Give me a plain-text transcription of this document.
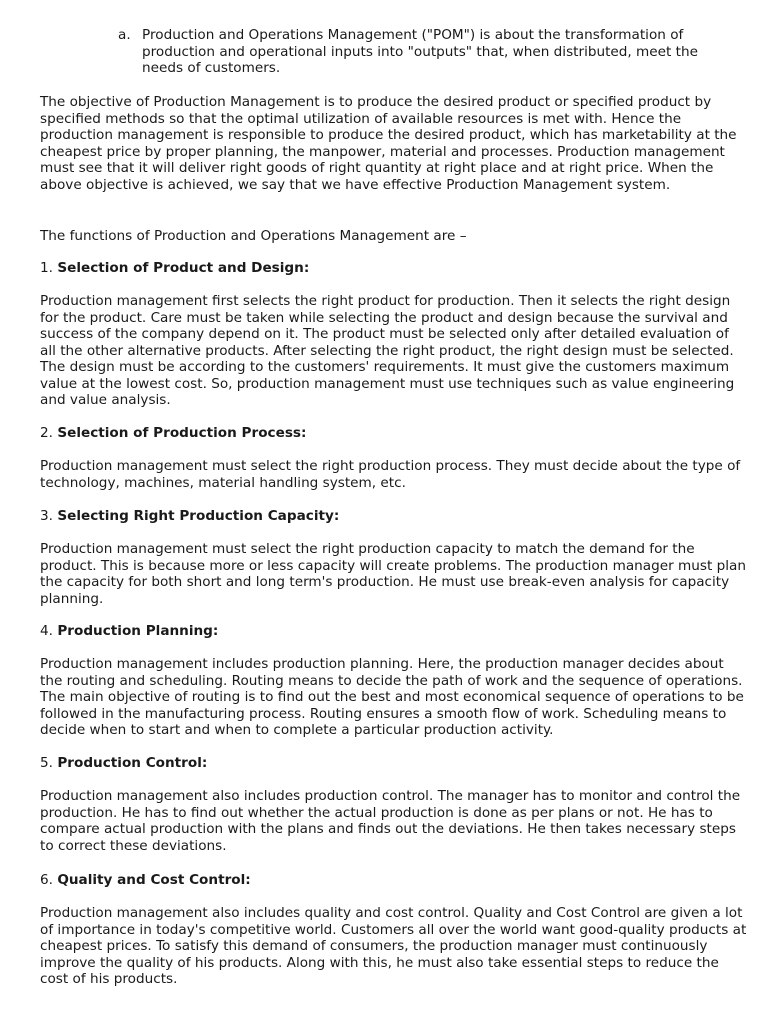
a. Production and Operations Management ("POM") is about the transformation of production and operational inputs into "outputs" that, when distributed, meet the needs of customers.

The objective of Production Management is to produce the desired product or specified product by specified methods so that the optimal utilization of available resources is met with. Hence the production management is responsible to produce the desired product, which has marketability at the cheapest price by proper planning, the manpower, material and processes. Production management must see that it will deliver right goods of right quantity at right place and at right price. When the above objective is achieved, we say that we have effective Production Management system.

The functions of Production and Operations Management are –

1. Selection of Product and Design:

Production management first selects the right product for production. Then it selects the right design for the product. Care must be taken while selecting the product and design because the survival and success of the company depend on it. The product must be selected only after detailed evaluation of all the other alternative products. After selecting the right product, the right design must be selected. The design must be according to the customers' requirements. It must give the customers maximum value at the lowest cost. So, production management must use techniques such as value engineering and value analysis.

2. Selection of Production Process:

Production management must select the right production process. They must decide about the type of technology, machines, material handling system, etc.

3. Selecting Right Production Capacity:

Production management must select the right production capacity to match the demand for the product. This is because more or less capacity will create problems. The production manager must plan the capacity for both short and long term's production. He must use break-even analysis for capacity planning.

4. Production Planning:

Production management includes production planning. Here, the production manager decides about the routing and scheduling. Routing means to decide the path of work and the sequence of operations. The main objective of routing is to find out the best and most economical sequence of operations to be followed in the manufacturing process. Routing ensures a smooth flow of work. Scheduling means to decide when to start and when to complete a particular production activity.

5. Production Control:

Production management also includes production control. The manager has to monitor and control the production. He has to find out whether the actual production is done as per plans or not. He has to compare actual production with the plans and finds out the deviations. He then takes necessary steps to correct these deviations.

6. Quality and Cost Control:

Production management also includes quality and cost control. Quality and Cost Control are given a lot of importance in today's competitive world. Customers all over the world want good-quality products at cheapest prices. To satisfy this demand of consumers, the production manager must continuously improve the quality of his products. Along with this, he must also take essential steps to reduce the cost of his products.
